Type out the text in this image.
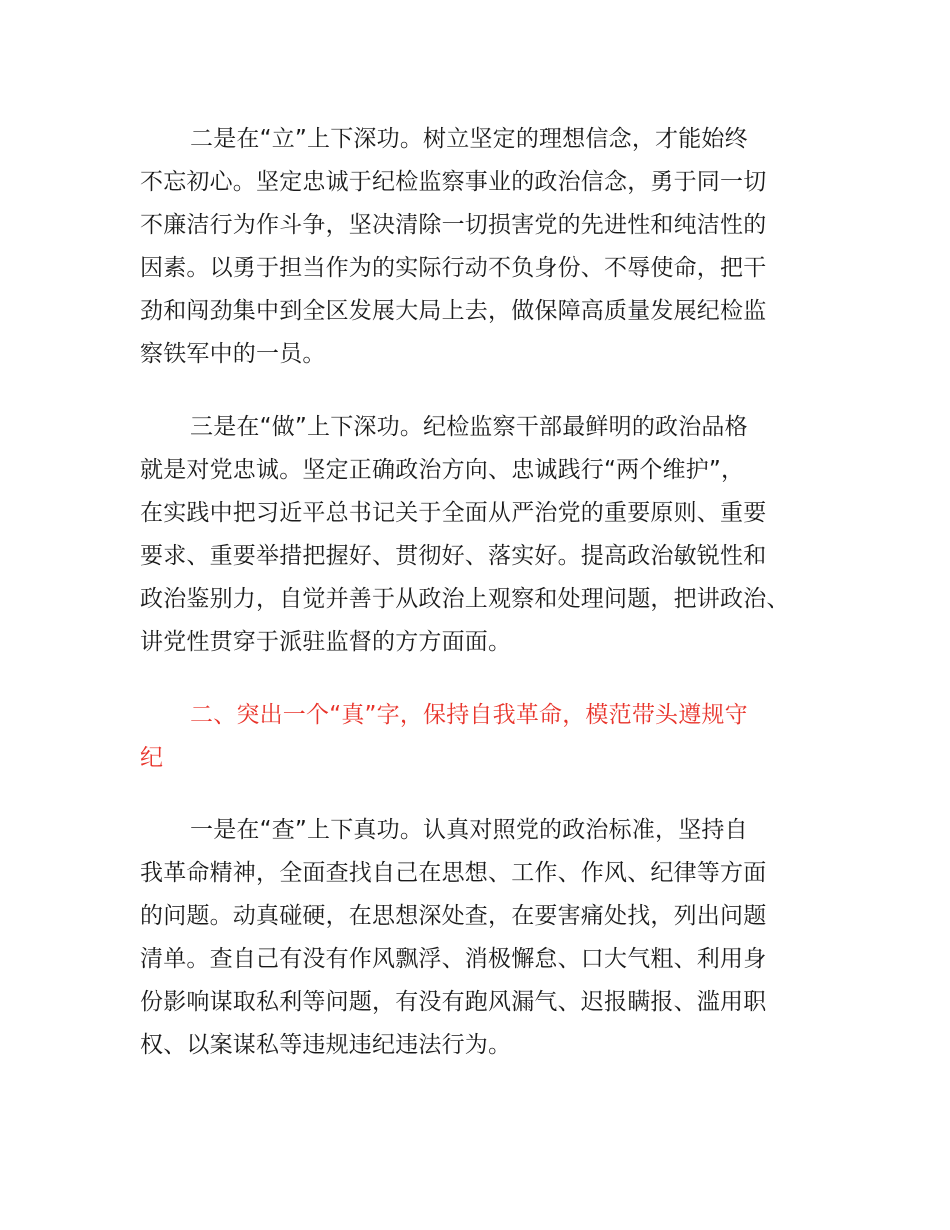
二是在“立”上下深功。树立坚定的理想信念，才能始终
不忘初心。坚定忠诚于纪检监察事业的政治信念，勇于同一切
不廉洁行为作斗争，坚决清除一切损害党的先进性和纯洁性的
因素。以勇于担当作为的实际行动不负身份、不辱使命，把干
劲和闯劲集中到全区发展大局上去，做保障高质量发展纪检监
察铁军中的一员。
三是在“做”上下深功。纪检监察干部最鲜明的政治品格
就是对党忠诚。坚定正确政治方向、忠诚践行“两个维护”，
在实践中把习近平总书记关于全面从严治党的重要原则、重要
要求、重要举措把握好、贯彻好、落实好。提高政治敏锐性和
政治鉴别力，自觉并善于从政治上观察和处理问题，把讲政治、
讲党性贯穿于派驻监督的方方面面。
二、突出一个“真”字，保持自我革命，模范带头遵规守
纪
一是在“查”上下真功。认真对照党的政治标准，坚持自
我革命精神，全面查找自己在思想、工作、作风、纪律等方面
的问题。动真碰硬，在思想深处查，在要害痛处找，列出问题
清单。查自己有没有作风飘浮、消极懈怠、口大气粗、利用身
份影响谋取私利等问题，有没有跑风漏气、迟报瞒报、滥用职
权、以案谋私等违规违纪违法行为。
